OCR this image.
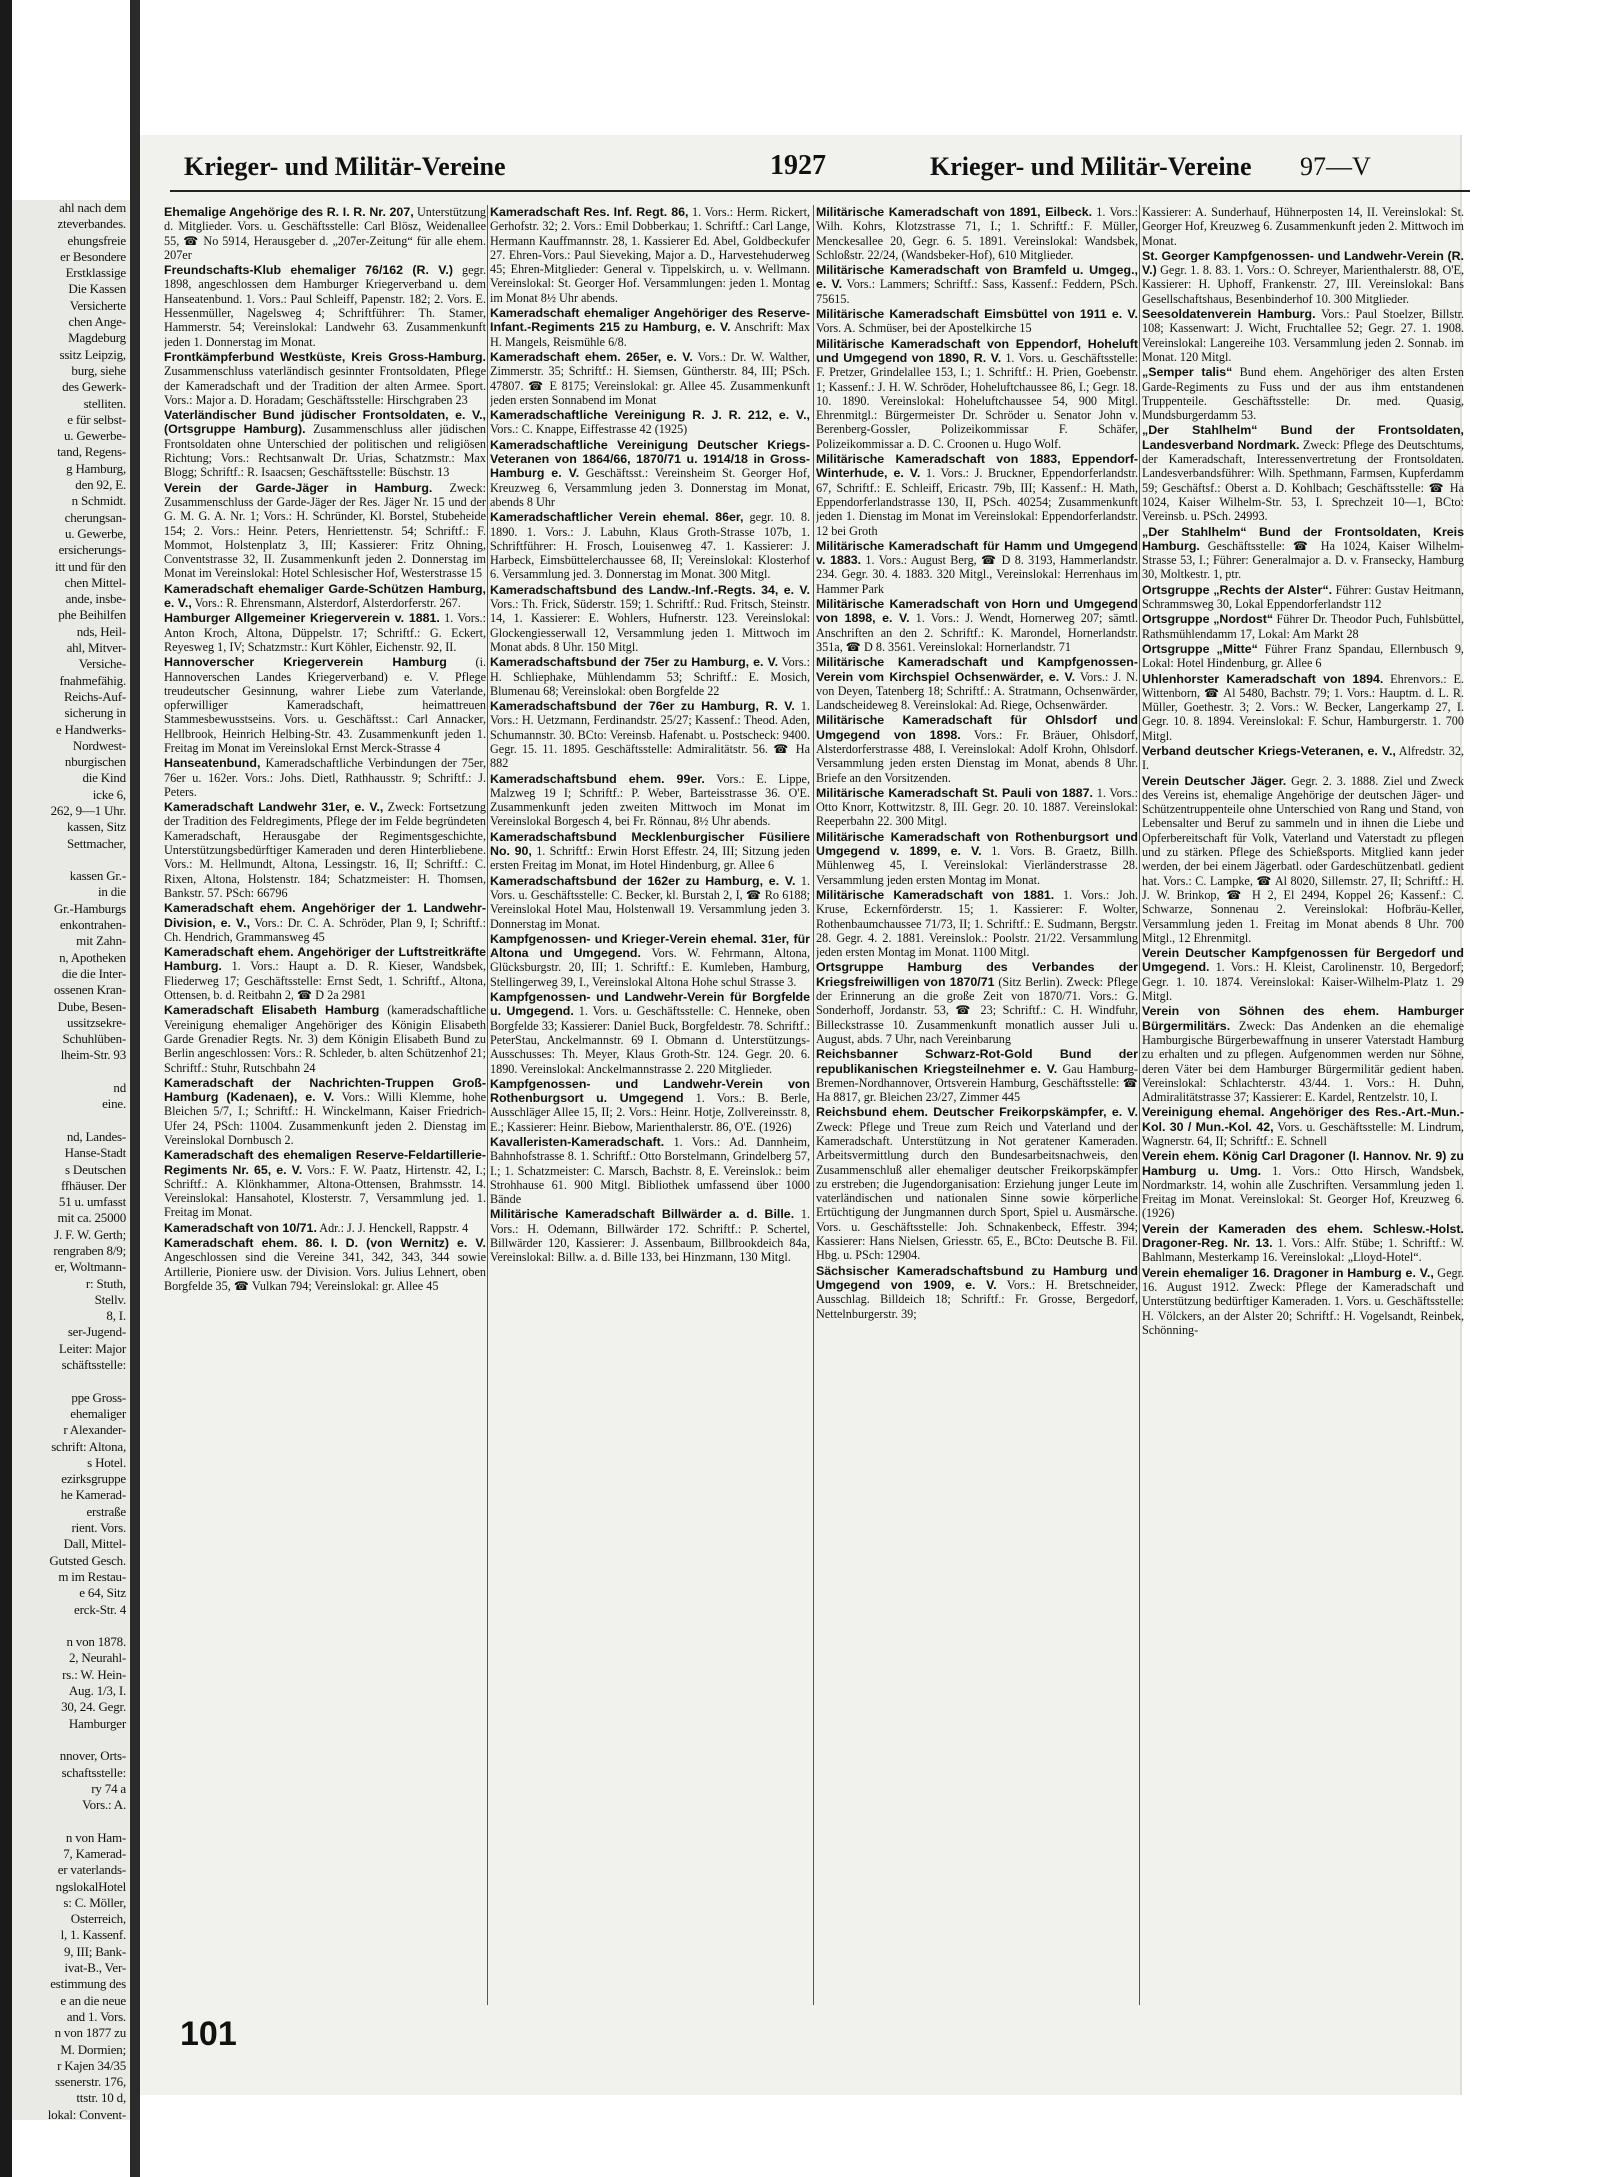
ahl nach dem
zteverbandes.
ehungsfreie
er Besondere
Erstklassige
Die Kassen
Versicherte
chen Ange-
Magdeburg
ssitz Leipzig,
burg, siehe
des Gewerk-
stelliten.
e für selbst-
u. Gewerbe-
tand, Regens-
g Hamburg,
den 92, E.
n Schmidt.
cherungsan-
u. Gewerbe,
ersicherungs-
itt und für den
chen Mittel-
ande, insbe-
phe Beihilfen
nds, Heil-
ahl, Mitver-
Versiche-
fnahmefähig.
Reichs-Auf-
sicherung in
e Handwerks-
Nordwest-
nburgischen
die Kind
icke 6,
262, 9—1 Uhr.
kassen, Sitz
Settmacher,

kassen Gr.-
in die
Gr.-Hamburgs
enkontrahen-
mit Zahn-
n, Apotheken
die die Inter-
ossenen Kran-
Dube, Besen-
ussitzsekre-
Schuhlüben-
lheim-Str. 93

nd
eine.

nd, Landes-
Hanse-Stadt
s Deutschen
ffhäuser. Der
51 u. umfasst
mit ca. 25000
J. F. W. Gerth;
rengraben 8/9;
er, Woltmann-
r: Stuth,
Stellv.
8, I.
ser-Jugend-
Leiter: Major
schäftsstelle:

ppe Gross-
ehemaliger
r Alexander-
schrift: Altona,
s Hotel.
ezirksgruppe
he Kamerad-
erstraße
rient. Vors.
Dall, Mittel-
Gutsted Gesch.
m im Restau-
e 64, Sitz
erck-Str. 4

n von 1878.
2, Neurahl-
rs.: W. Hein-
Aug. 1/3, I.
30, 24. Gegr.
Hamburger

nnover, Orts-
schaftsstelle:
ry 74 a
Vors.: A.

n von Ham-
7, Kamerad-
er vaterlands-
ngslokalHotel
s: C. Möller,
Osterreich,
l, 1. Kassenf.
9, III; Bank-
ivat-B., Ver-
estimmung des
e an die neue
and 1. Vors.
n von 1877 zu
M. Dormien;
r Kajen 34/35
ssenerstr. 176,
ttstr. 10 d,
lokal: Convent-
Krieger- und Militär-Vereine	1927	Krieger- und Militär-Vereine 97—V

Ehemalige Angehörige des R. I. R. Nr. 207, Unterstützung d. Mitglieder. Vors. u. Geschäftsstelle: Carl Blösz, Weidenallee 55, ☎ No 5914, Herausgeber d. „207er-Zeitung“ für alle ehem. 207er

Freundschafts-Klub ehemaliger 76/162 (R. V.) gegr. 1898, angeschlossen dem Hamburger Kriegerverband u. dem Hanseatenbund. 1. Vors.: Paul Schleiff, Papenstr. 182; 2. Vors. E. Hessenmüller, Nagelsweg 4; Schriftführer: Th. Stamer, Hammerstr. 54; Vereinslokal: Landwehr 63. Zusammenkunft jeden 1. Donnerstag im Monat.

Frontkämpferbund Westküste, Kreis Gross-Hamburg. Zusammenschluss vaterländisch gesinnter Frontsoldaten, Pflege der Kameradschaft und der Tradition der alten Armee. Sport. Vors.: Major a. D. Horadam; Geschäftsstelle: Hirschgraben 23

Vaterländischer Bund jüdischer Frontsoldaten, e. V., (Ortsgruppe Hamburg). Zusammenschluss aller jüdischen Frontsoldaten ohne Unterschied der politischen und religiösen Richtung; Vors.: Rechtsanwalt Dr. Urias, Schatzmstr.: Max Blogg; Schriftf.: R. Isaacsen; Geschäftsstelle: Büschstr. 13

Verein der Garde-Jäger in Hamburg. Zweck: Zusammenschluss der Garde-Jäger der Res. Jäger Nr. 15 und der G. M. G. A. Nr. 1; Vors.: H. Schründer, Kl. Borstel, Stubeheide 154; 2. Vors.: Heinr. Peters, Henriettenstr. 54; Schriftf.: F. Mommot, Holstenplatz 3, III; Kassierer: Fritz Ohning, Conventstrasse 32, II. Zusammenkunft jeden 2. Donnerstag im Monat im Vereinslokal: Hotel Schlesischer Hof, Westerstrasse 15

Kameradschaft ehemaliger Garde-Schützen Hamburg, e. V., Vors.: R. Ehrensmann, Alsterdorf, Alsterdorferstr. 267.

Hamburger Allgemeiner Kriegerverein v. 1881. 1. Vors.: Anton Kroch, Altona, Düppelstr. 17; Schriftf.: G. Eckert, Reyesweg 1, IV; Schatzmstr.: Kurt Köhler, Eichenstr. 92, II.

Hannoverscher Kriegerverein Hamburg (i. Hannoverschen Landes Kriegerverband) e. V. Pflege treudeutscher Gesinnung, wahrer Liebe zum Vaterlande, opferwilliger Kameradschaft, heimattreuen Stammesbewusstseins. Vors. u. Geschäftsst.: Carl Annacker, Hellbrook, Heinrich Helbing-Str. 43. Zusammenkunft jeden 1. Freitag im Monat im Vereinslokal Ernst Merck-Strasse 4

Hanseatenbund, Kameradschaftliche Verbindungen der 75er, 76er u. 162er. Vors.: Johs. Dietl, Rathhausstr. 9; Schriftf.: J. Peters.

Kameradschaft Landwehr 31er, e. V., Zweck: Fortsetzung der Tradition des Feldregiments, Pflege der im Felde begründeten Kameradschaft, Herausgabe der Regimentsgeschichte, Unterstützungsbedürftiger Kameraden und deren Hinterbliebene. Vors.: M. Hellmundt, Altona, Lessingstr. 16, II; Schriftf.: C. Rixen, Altona, Holstenstr. 184; Schatzmeister: H. Thomsen, Bankstr. 57. PSch: 66796

Kameradschaft ehem. Angehöriger der 1. Landwehr-Division, e. V., Vors.: Dr. C. A. Schröder, Plan 9, I; Schriftf.: Ch. Hendrich, Grammansweg 45

Kameradschaft ehem. Angehöriger der Luftstreitkräfte Hamburg. 1. Vors.: Haupt a. D. R. Kieser, Wandsbek, Fliederweg 17; Geschäftsstelle: Ernst Sedt, 1. Schriftf., Altona, Ottensen, b. d. Reitbahn 2, ☎ D 2a 2981

Kameradschaft Elisabeth Hamburg (kameradschaftliche Vereinigung ehemaliger Angehöriger des Königin Elisabeth Garde Grenadier Regts. Nr. 3) dem Königin Elisabeth Bund zu Berlin angeschlossen: Vors.: R. Schleder, b. alten Schützenhof 21; Schriftf.: Stuhr, Rutschbahn 24

Kameradschaft der Nachrichten-Truppen Groß-Hamburg (Kadenaen), e. V. Vors.: Willi Klemme, hohe Bleichen 5/7, I.; Schriftf.: H. Winckelmann, Kaiser Friedrich-Ufer 24, PSch: 11004. Zusammenkunft jeden 2. Dienstag im Vereinslokal Dornbusch 2.

Kameradschaft des ehemaligen Reserve-Feldartillerie-Regiments Nr. 65, e. V. Vors.: F. W. Paatz, Hirtenstr. 42, I.; Schriftf.: A. Klönkhammer, Altona-Ottensen, Brahmsstr. 14. Vereinslokal: Hansahotel, Klosterstr. 7, Versammlung jed. 1. Freitag im Monat.

Kameradschaft von 10/71. Adr.: J. J. Henckell, Rappstr. 4

Kameradschaft ehem. 86. I. D. (von Wernitz) e. V. Angeschlossen sind die Vereine 341, 342, 343, 344 sowie Artillerie, Pioniere usw. der Division. Vors. Julius Lehnert, oben Borgfelde 35, ☎ Vulkan 794; Vereinslokal: gr. Allee 45

Kameradschaft Res. Inf. Regt. 86, 1. Vors.: Herm. Rickert, Gerhofstr. 32; 2. Vors.: Emil Dobberkau; 1. Schriftf.: Carl Lange, Hermann Kauffmannstr. 28, 1. Kassierer Ed. Abel, Goldbeckufer 27. Ehren-Vors.: Paul Sieveking, Major a. D., Harvestehuderweg 45; Ehren-Mitglieder: General v. Tippelskirch, u. v. Wellmann. Vereinslokal: St. Georger Hof. Versammlungen: jeden 1. Montag im Monat 8½ Uhr abends.

Kameradschaft ehemaliger Angehöriger des Reserve-Infant.-Regiments 215 zu Hamburg, e. V. Anschrift: Max H. Mangels, Reismühle 6/8.

Kameradschaft ehem. 265er, e. V. Vors.: Dr. W. Walther, Zimmerstr. 35; Schriftf.: H. Siemsen, Güntherstr. 84, III; PSch. 47807. ☎ E 8175; Vereinslokal: gr. Allee 45. Zusammenkunft jeden ersten Sonnabend im Monat

Kameradschaftliche Vereinigung R. J. R. 212, e. V., Vors.: C. Knappe, Eiffestrasse 42 (1925)

Kameradschaftliche Vereinigung Deutscher Kriegs-Veteranen von 1864/66, 1870/71 u. 1914/18 in Gross-Hamburg e. V. Geschäftsst.: Vereinsheim St. Georger Hof, Kreuzweg 6, Versammlung jeden 3. Donnerstag im Monat, abends 8 Uhr

Kameradschaftlicher Verein ehemal. 86er, gegr. 10. 8. 1890. 1. Vors.: J. Labuhn, Klaus Groth-Strasse 107b, 1. Schriftführer: H. Frosch, Louisenweg 47. 1. Kassierer: J. Harbeck, Eimsbüttelerchaussee 68, II; Vereinslokal: Klosterhof 6. Versammlung jed. 3. Donnerstag im Monat. 300 Mitgl.

Kameradschaftsbund des Landw.-Inf.-Regts. 34, e. V. Vors.: Th. Frick, Süderstr. 159; 1. Schriftf.: Rud. Fritsch, Steinstr. 14, 1. Kassierer: E. Wohlers, Hufnerstr. 123. Vereinslokal: Glockengiesserwall 12, Versammlung jeden 1. Mittwoch im Monat abds. 8 Uhr. 150 Mitgl.

Kameradschaftsbund der 75er zu Hamburg, e. V. Vors.: H. Schliephake, Mühlendamm 53; Schriftf.: E. Mosich, Blumenau 68; Vereinslokal: oben Borgfelde 22

Kameradschaftsbund der 76er zu Hamburg, R. V. 1. Vors.: H. Uetzmann, Ferdinandstr. 25/27; Kassenf.: Theod. Aden, Schumannstr. 30. BCto: Vereinsb. Hafenabt. u. Postscheck: 9400. Gegr. 15. 11. 1895. Geschäftsstelle: Admiralitätstr. 56. ☎ Ha 882

Kameradschaftsbund ehem. 99er. Vors.: E. Lippe, Malzweg 19 I; Schriftf.: P. Weber, Barteisstrasse 36. O'E. Zusammenkunft jeden zweiten Mittwoch im Monat im Vereinslokal Borgesch 4, bei Fr. Rönnau, 8½ Uhr abends.

Kameradschaftsbund Mecklenburgischer Füsiliere No. 90, 1. Schriftf.: Erwin Horst Effestr. 24, III; Sitzung jeden ersten Freitag im Monat, im Hotel Hindenburg, gr. Allee 6

Kameradschaftsbund der 162er zu Hamburg, e. V. 1. Vors. u. Geschäftsstelle: C. Becker, kl. Burstah 2, I, ☎ Ro 6188; Vereinslokal Hotel Mau, Holstenwall 19. Versammlung jeden 3. Donnerstag im Monat.

Kampfgenossen- und Krieger-Verein ehemal. 31er, für Altona und Umgegend. Vors. W. Fehrmann, Altona, Glücksburgstr. 20, III; 1. Schriftf.: E. Kumleben, Hamburg, Stellingerweg 39, I., Vereinslokal Altona Hohe schul Strasse 3.

Kampfgenossen- und Landwehr-Verein für Borgfelde u. Umgegend. 1. Vors. u. Geschäftsstelle: C. Henneke, oben Borgfelde 33; Kassierer: Daniel Buck, Borgfeldestr. 78. Schriftf.: PeterStau, Anckelmannstr. 69 I. Obmann d. Unterstützungs-Ausschusses: Th. Meyer, Klaus Groth-Str. 124. Gegr. 20. 6. 1890. Vereinslokal: Anckelmannstrasse 2. 220 Mitglieder.

Kampfgenossen- und Landwehr-Verein von Rothenburgsort u. Umgegend 1. Vors.: B. Berle, Ausschläger Allee 15, II; 2. Vors.: Heinr. Hotje, Zollvereinsstr. 8, E.; Kassierer: Heinr. Biebow, Marienthalerstr. 86, O'E. (1926)

Kavalleristen-Kameradschaft. 1. Vors.: Ad. Dannheim, Bahnhofstrasse 8. 1. Schriftf.: Otto Borstelmann, Grindelberg 57, I.; 1. Schatzmeister: C. Marsch, Bachstr. 8, E. Vereinslok.: beim Strohhause 61. 900 Mitgl. Bibliothek umfassend über 1000 Bände

Militärische Kameradschaft Billwärder a. d. Bille. 1. Vors.: H. Odemann, Billwärder 172. Schriftf.: P. Schertel, Billwärder 120, Kassierer: J. Assenbaum, Billbrookdeich 84a, Vereinslokal: Billw. a. d. Bille 133, bei Hinzmann, 130 Mitgl.

Militärische Kameradschaft von 1891, Eilbeck. 1. Vors.: Wilh. Kohrs, Klotzstrasse 71, I.; 1. Schriftf.: F. Müller, Menckesallee 20, Gegr. 6. 5. 1891. Vereinslokal: Wandsbek, Schloßstr. 22/24, (Wandsbeker-Hof), 610 Mitglieder.

Militärische Kameradschaft von Bramfeld u. Umgeg., e. V. Vors.: Lammers; Schriftf.: Sass, Kassenf.: Feddern, PSch. 75615.

Militärische Kameradschaft Eimsbüttel von 1911 e. V. Vors. A. Schmüser, bei der Apostelkirche 15

Militärische Kameradschaft von Eppendorf, Hoheluft und Umgegend von 1890, R. V. 1. Vors. u. Geschäftsstelle: F. Pretzer, Grindelallee 153, I.; 1. Schriftf.: H. Prien, Goebenstr. 1; Kassenf.: J. H. W. Schröder, Hoheluftchaussee 86, I.; Gegr. 18. 10. 1890. Vereinslokal: Hoheluftchaussee 54, 900 Mitgl. Ehrenmitgl.: Bürgermeister Dr. Schröder u. Senator John v. Berenberg-Gossler, Polizeikommissar F. Schäfer, Polizeikommissar a. D. C. Croonen u. Hugo Wolf.

Militärische Kameradschaft von 1883, Eppendorf-Winterhude, e. V. 1. Vors.: J. Bruckner, Eppendorferlandstr. 67, Schriftf.: E. Schleiff, Ericastr. 79b, III; Kassenf.: H. Math, Eppendorferlandstrasse 130, II, PSch. 40254; Zusammenkunft jeden 1. Dienstag im Monat im Vereinslokal: Eppendorferlandstr. 12 bei Groth

Militärische Kameradschaft für Hamm und Umgegend v. 1883. 1. Vors.: August Berg, ☎ D 8. 3193, Hammerlandstr. 234. Gegr. 30. 4. 1883. 320 Mitgl., Vereinslokal: Herrenhaus im Hammer Park

Militärische Kameradschaft von Horn und Umgegend von 1898, e. V. 1. Vors.: J. Wendt, Hornerweg 207; sämtl. Anschriften an den 2. Schriftf.: K. Marondel, Hornerlandstr. 351a, ☎ D 8. 3561. Vereinslokal: Hornerlandstr. 71

Militärische Kameradschaft und Kampfgenossen-Verein vom Kirchspiel Ochsenwärder, e. V. Vors.: J. N. von Deyen, Tatenberg 18; Schriftf.: A. Stratmann, Ochsenwärder, Landscheideweg 8. Vereinslokal: Ad. Riege, Ochsenwärder.

Militärische Kameradschaft für Ohlsdorf und Umgegend von 1898. Vors.: Fr. Bräuer, Ohlsdorf, Alsterdorferstrasse 488, I. Vereinslokal: Adolf Krohn, Ohlsdorf. Versammlung jeden ersten Dienstag im Monat, abends 8 Uhr. Briefe an den Vorsitzenden.

Militärische Kameradschaft St. Pauli von 1887. 1. Vors.: Otto Knorr, Kottwitzstr. 8, III. Gegr. 20. 10. 1887. Vereinslokal: Reeperbahn 22. 300 Mitgl.

Militärische Kameradschaft von Rothenburgsort und Umgegend v. 1899, e. V. 1. Vors. B. Graetz, Billh. Mühlenweg 45, I. Vereinslokal: Vierländerstrasse 28. Versammlung jeden ersten Montag im Monat.

Militärische Kameradschaft von 1881. 1. Vors.: Joh. Kruse, Eckernförderstr. 15; 1. Kassierer: F. Wolter, Rothenbaumchaussee 71/73, II; 1. Schriftf.: E. Sudmann, Bergstr. 28. Gegr. 4. 2. 1881. Vereinslok.: Poolstr. 21/22. Versammlung jeden ersten Montag im Monat. 1100 Mitgl.

Ortsgruppe Hamburg des Verbandes der Kriegsfreiwilligen von 1870/71 (Sitz Berlin). Zweck: Pflege der Erinnerung an die große Zeit von 1870/71. Vors.: G. Sonderhoff, Jordanstr. 53, ☎ 23; Schriftf.: C. H. Windfuhr, Billeckstrasse 10. Zusammenkunft monatlich ausser Juli u. August, abds. 7 Uhr, nach Vereinbarung

Reichsbanner Schwarz-Rot-Gold Bund der republikanischen Kriegsteilnehmer e. V. Gau Hamburg-Bremen-Nordhannover, Ortsverein Hamburg, Geschäftsstelle: ☎ Ha 8817, gr. Bleichen 23/27, Zimmer 445

Reichsbund ehem. Deutscher Freikorpskämpfer, e. V. Zweck: Pflege und Treue zum Reich und Vaterland und der Kameradschaft. Unterstützung in Not geratener Kameraden. Arbeitsvermittlung durch den Bundesarbeitsnachweis, den Zusammenschluß aller ehemaliger deutscher Freikorpskämpfer zu erstreben; die Jugendorganisation: Erziehung junger Leute im vaterländischen und nationalen Sinne sowie körperliche Ertüchtigung der Jungmannen durch Sport, Spiel u. Ausmärsche. Vors. u. Geschäftsstelle: Joh. Schnakenbeck, Effestr. 394; Kassierer: Hans Nielsen, Griesstr. 65, E., BCto: Deutsche B. Fil. Hbg. u. PSch: 12904.

Sächsischer Kameradschaftsbund zu Hamburg und Umgegend von 1909, e. V. Vors.: H. Bretschneider, Ausschlag. Billdeich 18; Schriftf.: Fr. Grosse, Bergedorf, Nettelnburgerstr. 39;

Kassierer: A. Sunderhauf, Hühnerposten 14, II. Vereinslokal: St. Georger Hof, Kreuzweg 6. Zusammenkunft jeden 2. Mittwoch im Monat.

St. Georger Kampfgenossen- und Landwehr-Verein (R. V.) Gegr. 1. 8. 83. 1. Vors.: O. Schreyer, Marienthalerstr. 88, O'E, Kassierer: H. Uphoff, Frankenstr. 27, III. Vereinslokal: Bans Gesellschaftshaus, Besenbinderhof 10. 300 Mitglieder.

Seesoldatenverein Hamburg. Vors.: Paul Stoelzer, Billstr. 108; Kassenwart: J. Wicht, Fruchtallee 52; Gegr. 27. 1. 1908. Vereinslokal: Langereihe 103. Versammlung jeden 2. Sonnab. im Monat. 120 Mitgl.

„Semper talis“ Bund ehem. Angehöriger des alten Ersten Garde-Regiments zu Fuss und der aus ihm entstandenen Truppenteile. Geschäftsstelle: Dr. med. Quasig, Mundsburgerdamm 53.

„Der Stahlhelm“ Bund der Frontsoldaten, Landesverband Nordmark. Zweck: Pflege des Deutschtums, der Kameradschaft, Interessenvertretung der Frontsoldaten. Landesverbandsführer: Wilh. Spethmann, Farmsen, Kupferdamm 59; Geschäftsf.: Oberst a. D. Kohlbach; Geschäftsstelle: ☎ Ha 1024, Kaiser Wilhelm-Str. 53, I. Sprechzeit 10—1, BCto: Vereinsb. u. PSch. 24993.

„Der Stahlhelm“ Bund der Frontsoldaten, Kreis Hamburg. Geschäftsstelle: ☎ Ha 1024, Kaiser Wilhelm-Strasse 53, I.; Führer: Generalmajor a. D. v. Fransecky, Hamburg 30, Moltkestr. 1, ptr.

Ortsgruppe „Rechts der Alster“. Führer: Gustav Heitmann, Schrammsweg 30, Lokal Eppendorferlandstr 112

Ortsgruppe „Nordost“ Führer Dr. Theodor Puch, Fuhlsbüttel, Rathsmühlendamm 17, Lokal: Am Markt 28

Ortsgruppe „Mitte“ Führer Franz Spandau, Ellernbusch 9, Lokal: Hotel Hindenburg, gr. Allee 6

Uhlenhorster Kameradschaft von 1894. Ehrenvors.: E. Wittenborn, ☎ Al 5480, Bachstr. 79; 1. Vors.: Hauptm. d. L. R. Müller, Goethestr. 3; 2. Vors.: W. Becker, Langerkamp 27, I. Gegr. 10. 8. 1894. Vereinslokal: F. Schur, Hamburgerstr. 1. 700 Mitgl.

Verband deutscher Kriegs-Veteranen, e. V., Alfredstr. 32, I.

Verein Deutscher Jäger. Gegr. 2. 3. 1888. Ziel und Zweck des Vereins ist, ehemalige Angehörige der deutschen Jäger- und Schützentruppenteile ohne Unterschied von Rang und Stand, von Lebensalter und Beruf zu sammeln und in ihnen die Liebe und Opferbereitschaft für Volk, Vaterland und Vaterstadt zu pflegen und zu stärken. Pflege des Schießsports. Mitglied kann jeder werden, der bei einem Jägerbatl. oder Gardeschützenbatl. gedient hat. Vors.: C. Lampke, ☎ Al 8020, Sillemstr. 27, II; Schriftf.: H. J. W. Brinkop, ☎ H 2, El 2494, Koppel 26; Kassenf.: C. Schwarze, Sonnenau 2. Vereinslokal: Hofbräu-Keller, Versammlung jeden 1. Freitag im Monat abends 8 Uhr. 700 Mitgl., 12 Ehrenmitgl.

Verein Deutscher Kampfgenossen für Bergedorf und Umgegend. 1. Vors.: H. Kleist, Carolinenstr. 10, Bergedorf; Gegr. 1. 10. 1874. Vereinslokal: Kaiser-Wilhelm-Platz 1. 29 Mitgl.

Verein von Söhnen des ehem. Hamburger Bürgermilitärs. Zweck: Das Andenken an die ehemalige Hamburgische Bürgerbewaffnung in unserer Vaterstadt Hamburg zu erhalten und zu pflegen. Aufgenommen werden nur Söhne, deren Väter bei dem Hamburger Bürgermilitär gedient haben. Vereinslokal: Schlachterstr. 43/44. 1. Vors.: H. Duhn, Admiralitätstrasse 37; Kassierer: E. Kardel, Rentzelstr. 10, I.

Vereinigung ehemal. Angehöriger des Res.-Art.-Mun.-Kol. 30 / Mun.-Kol. 42, Vors. u. Geschäftsstelle: M. Lindrum, Wagnerstr. 64, II; Schriftf.: E. Schnell

Verein ehem. König Carl Dragoner (I. Hannov. Nr. 9) zu Hamburg u. Umg. 1. Vors.: Otto Hirsch, Wandsbek, Nordmarkstr. 14, wohin alle Zuschriften. Versammlung jeden 1. Freitag im Monat. Vereinslokal: St. Georger Hof, Kreuzweg 6. (1926)

Verein der Kameraden des ehem. Schlesw.-Holst. Dragoner-Reg. Nr. 13. 1. Vors.: Alfr. Stübe; 1. Schriftf.: W. Bahlmann, Mesterkamp 16. Vereinslokal: „Lloyd-Hotel“.

Verein ehemaliger 16. Dragoner in Hamburg e. V., Gegr. 16. August 1912. Zweck: Pflege der Kameradschaft und Unterstützung bedürftiger Kameraden. 1. Vors. u. Geschäftsstelle: H. Völckers, an der Alster 20; Schriftf.: H. Vogelsandt, Reinbek, Schönning-

101
